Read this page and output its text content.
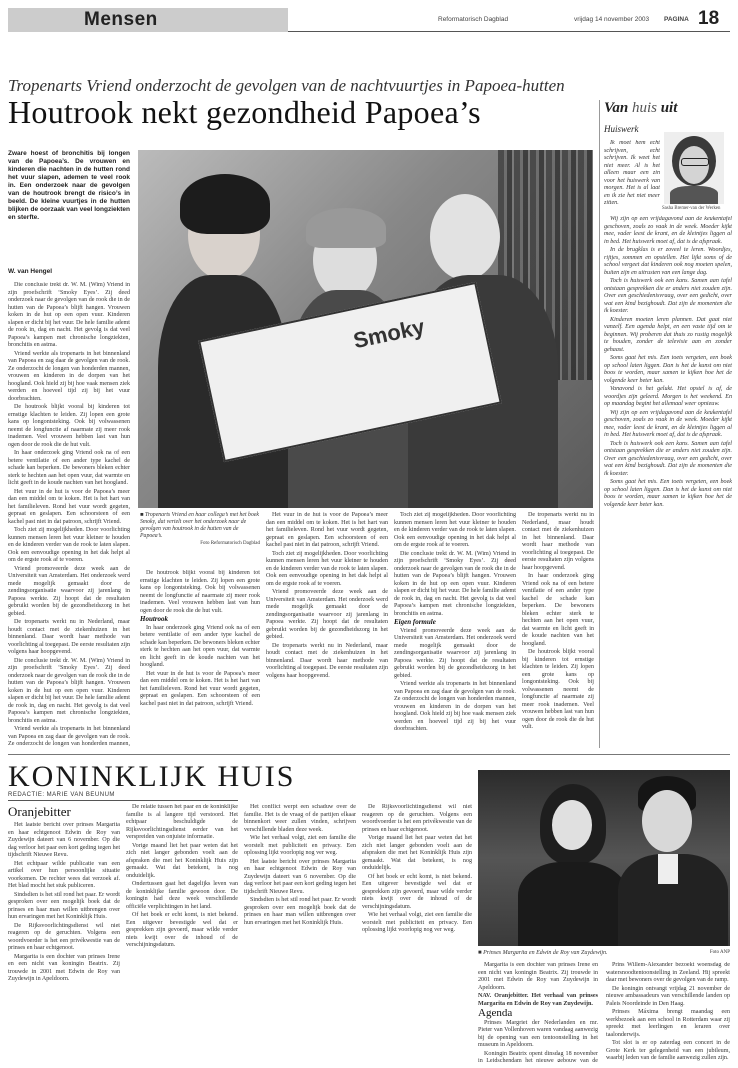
Mensen	Reformatorisch Dagblad	vrijdag 14 november 2003 PAGINA 18
Tropenarts Vriend onderzocht de gevolgen van de nachtvuurtjes in Papoea-hutten
Houtrook nekt gezondheid Papoea’s
Zware hoest of bronchitis bij longen van de Papoea’s. De vrouwen en kinderen die nachten in de hutten rond het vuur slapen, ademen te veel rook in. Een onderzoek naar de gevolgen van de houtrook brengt de risico’s in beeld. De kleine vuurtjes in de hutten blijken de oorzaak van veel longziekten en sterfte.
W. van Hengel

Die conclusie trekt dr. W. M. (Wim) Vriend in zijn proefschrift ‘Smoky Eyes’. Zij deed onderzoek naar de gevolgen van de rook die in de hutten van de Papoea’s blijft hangen. Vrouwen koken in de hut op een open vuur. Kinderen slapen er dicht bij het vuur. De hele familie ademt de rook in, dag en nacht. Het gevolg is dat veel Papoea’s kampen met chronische longziekten, bronchitis en astma.

Vriend werkte als tropenarts in het binnenland van Papoea en zag daar de gevolgen van de rook. Ze onderzocht de longen van honderden mannen, vrouwen en kinderen in de dorpen van het hoogland. Ook hield zij bij hoe vaak mensen ziek werden en hoeveel tijd zij bij het vuur doorbrachten.

De houtrook blijkt vooral bij kinderen tot ernstige klachten te leiden. Zij lopen een grote kans op longontsteking. Ook bij volwassenen neemt de longfunctie af naarmate zij meer rook inademen. Veel vrouwen hebben last van hun ogen door de rook die de hut vult.

In haar onderzoek ging Vriend ook na of een betere ventilatie of een ander type kachel de schade kan beperken. De bewoners bleken echter sterk te hechten aan het open vuur, dat warmte en licht geeft in de koude nachten van het hoogland.

Het vuur in de hut is voor de Papoea’s meer dan een middel om te koken. Het is het hart van het familieleven. Rond het vuur wordt gegeten, gepraat en geslapen. Een schoorsteen of een kachel past niet in dat patroon, schrijft Vriend.

Toch ziet zij mogelijkheden. Door voorlichting kunnen mensen leren het vuur kleiner te houden en de kinderen verder van de rook te laten slapen. Ook een eenvoudige opening in het dak helpt al om de ergste rook af te voeren.

Vriend promoveerde deze week aan de Universiteit van Amsterdam. Het onderzoek werd mede mogelijk gemaakt door de zendingsorganisatie waarvoor zij jarenlang in Papoea werkte. Zij hoopt dat de resultaten gebruikt worden bij de gezondheidszorg in het gebied.

De tropenarts werkt nu in Nederland, maar houdt contact met de ziekenhuizen in het binnenland. Daar wordt haar methode van voorlichting al toegepast. De eerste resultaten zijn volgens haar hoopgevend.

Die conclusie trekt dr. W. M. (Wim) Vriend in zijn proefschrift ‘Smoky Eyes’. Zij deed onderzoek naar de gevolgen van de rook die in de hutten van de Papoea’s blijft hangen. Vrouwen koken in de hut op een open vuur. Kinderen slapen er dicht bij het vuur. De hele familie ademt de rook in, dag en nacht. Het gevolg is dat veel Papoea’s kampen met chronische longziekten, bronchitis en astma.

Vriend werkte als tropenarts in het binnenland van Papoea en zag daar de gevolgen van de rook. Ze onderzocht de longen van honderden mannen,

Smoky
■ Tropenarts Vriend en haar collega’s met het boek Smoky, dat vertelt over het onderzoek naar de gevolgen van houtrook in de hutten van de Papoea’s.
Foto Reformatorisch Dagblad

De houtrook blijkt vooral bij kinderen tot ernstige klachten te leiden. Zij lopen een grote kans op longontsteking. Ook bij volwassenen neemt de longfunctie af naarmate zij meer rook inademen. Veel vrouwen hebben last van hun ogen door de rook die de hut vult.

Houtrook

In haar onderzoek ging Vriend ook na of een betere ventilatie of een ander type kachel de schade kan beperken. De bewoners bleken echter sterk te hechten aan het open vuur, dat warmte en licht geeft in de koude nachten van het hoogland.

Het vuur in de hut is voor de Papoea’s meer dan een middel om te koken. Het is het hart van het familieleven. Rond het vuur wordt gegeten, gepraat en geslapen. Een schoorsteen of een kachel past niet in dat patroon, schrijft Vriend.

Het vuur in de hut is voor de Papoea’s meer dan een middel om te koken. Het is het hart van het familieleven. Rond het vuur wordt gegeten, gepraat en geslapen. Een schoorsteen of een kachel past niet in dat patroon, schrijft Vriend.

Toch ziet zij mogelijkheden. Door voorlichting kunnen mensen leren het vuur kleiner te houden en de kinderen verder van de rook te laten slapen. Ook een eenvoudige opening in het dak helpt al om de ergste rook af te voeren.

Vriend promoveerde deze week aan de Universiteit van Amsterdam. Het onderzoek werd mede mogelijk gemaakt door de zendingsorganisatie waarvoor zij jarenlang in Papoea werkte. Zij hoopt dat de resultaten gebruikt worden bij de gezondheidszorg in het gebied.

De tropenarts werkt nu in Nederland, maar houdt contact met de ziekenhuizen in het binnenland. Daar wordt haar methode van voorlichting al toegepast. De eerste resultaten zijn volgens haar hoopgevend.

Toch ziet zij mogelijkheden. Door voorlichting kunnen mensen leren het vuur kleiner te houden en de kinderen verder van de rook te laten slapen. Ook een eenvoudige opening in het dak helpt al om de ergste rook af te voeren.

Die conclusie trekt dr. W. M. (Wim) Vriend in zijn proefschrift ‘Smoky Eyes’. Zij deed onderzoek naar de gevolgen van de rook die in de hutten van de Papoea’s blijft hangen. Vrouwen koken in de hut op een open vuur. Kinderen slapen er dicht bij het vuur. De hele familie ademt de rook in, dag en nacht. Het gevolg is dat veel Papoea’s kampen met chronische longziekten, bronchitis en astma.

Eigen formule

Vriend promoveerde deze week aan de Universiteit van Amsterdam. Het onderzoek werd mede mogelijk gemaakt door de zendingsorganisatie waarvoor zij jarenlang in Papoea werkte. Zij hoopt dat de resultaten gebruikt worden bij de gezondheidszorg in het gebied.

Vriend werkte als tropenarts in het binnenland van Papoea en zag daar de gevolgen van de rook. Ze onderzocht de longen van honderden mannen, vrouwen en kinderen in de dorpen van het hoogland. Ook hield zij bij hoe vaak mensen ziek werden en hoeveel tijd zij bij het vuur doorbrachten.

De tropenarts werkt nu in Nederland, maar houdt contact met de ziekenhuizen in het binnenland. Daar wordt haar methode van voorlichting al toegepast. De eerste resultaten zijn volgens haar hoopgevend.

In haar onderzoek ging Vriend ook na of een betere ventilatie of een ander type kachel de schade kan beperken. De bewoners bleken echter sterk te hechten aan het open vuur, dat warmte en licht geeft in de koude nachten van het hoogland.

De houtrook blijkt vooral bij kinderen tot ernstige klachten te leiden. Zij lopen een grote kans op longontsteking. Ook bij volwassenen neemt de longfunctie af naarmate zij meer rook inademen. Veel vrouwen hebben last van hun ogen door de rook die de hut vult.

Van huis uit
Huiswerk
Sasha Bremer-van der Werken

Ik moet hem echt schrijven, echt schrijven. Ik weet het niet meer. Al is het alleen maar een zin voor het huiswerk van morgen. Het is al laat en ik zie het niet meer zitten.

Wij zijn op een vrijdagavond aan de keukentafel geschoven, zoals zo vaak in de week. Moeder kijkt mee, vader leest de krant, en de kleintjes liggen al in bed. Het huiswerk moet af, dat is de afspraak.

In de brugklas is er zoveel te leren. Woordjes, rijtjes, sommen en opstellen. Het lijkt soms of de school vergeet dat kinderen ook nog moeten spelen, buiten zijn en uitrusten van een lange dag.

Toch is huiswerk ook een kans. Samen aan tafel ontstaan gesprekken die er anders niet zouden zijn. Over een geschiedenisvraag, over een gedicht, over wat een kind bezighoudt. Dat zijn de momenten die ik koester.

Kinderen moeten leren plannen. Dat gaat niet vanzelf. Een agenda helpt, en een vaste tijd om te beginnen. Wij proberen dat thuis zo rustig mogelijk te houden, zonder de televisie aan en zonder gehaast.

Soms gaat het mis. Een toets vergeten, een boek op school laten liggen. Dan is het de kunst om niet boos te worden, maar samen te kijken hoe het de volgende keer beter kan.

Vanavond is het gelukt. Het opstel is af, de woordjes zijn geleerd. Morgen is het weekend. En op maandag begint het allemaal weer opnieuw.

Wij zijn op een vrijdagavond aan de keukentafel geschoven, zoals zo vaak in de week. Moeder kijkt mee, vader leest de krant, en de kleintjes liggen al in bed. Het huiswerk moet af, dat is de afspraak.

Toch is huiswerk ook een kans. Samen aan tafel ontstaan gesprekken die er anders niet zouden zijn. Over een geschiedenisvraag, over een gedicht, over wat een kind bezighoudt. Dat zijn de momenten die ik koester.

Soms gaat het mis. Een toets vergeten, een boek op school laten liggen. Dan is het de kunst om niet boos te worden, maar samen te kijken hoe het de volgende keer beter kan.

KONINKLIJK HUIS
REDACTIE: MARIE VAN BEUNUM
Oranjebitter

Het laatste bericht over prinses Margarita en haar echtgenoot Edwin de Roy van Zuydewijn dateert van 6 november. Op die dag verloor het paar een kort geding tegen het tijdschrift Nieuwe Revu.

Het echtpaar wilde publicatie van een artikel over hun persoonlijke situatie voorkomen. De rechter wees dat verzoek af. Het blad mocht het stuk publiceren.

Sindsdien is het stil rond het paar. Er wordt gesproken over een mogelijk boek dat de prinses en haar man willen uitbrengen over hun ervaringen met het Koninklijk Huis.

De Rijksvoorlichtingsdienst wil niet reageren op de geruchten. Volgens een woordvoerder is het een privékwestie van de prinses en haar echtgenoot.

Margarita is een dochter van prinses Irene en een nicht van koningin Beatrix. Zij trouwde in 2001 met Edwin de Roy van Zuydewijn in Apeldoorn.

De relatie tussen het paar en de koninklijke familie is al langere tijd verstoord. Het echtpaar beschuldigde de Rijksvoorlichtingsdienst eerder van het verspreiden van onjuiste informatie.

Vorige maand liet het paar weten dat het zich niet langer gebonden voelt aan de afspraken die met het Koninklijk Huis zijn gemaakt. Wat dat betekent, is nog onduidelijk.

Ondertussen gaat het dagelijks leven van de koninklijke familie gewoon door. De koningin had deze week verschillende officiële verplichtingen in het land.

Of het boek er echt komt, is niet bekend. Een uitgever bevestigde wel dat er gesprekken zijn gevoerd, maar wilde verder niets kwijt over de inhoud of de verschijningsdatum.

Het conflict werpt een schaduw over de familie. Het is de vraag of de partijen elkaar binnenkort weer zullen vinden, schrijven verschillende bladen deze week.

Wie het verhaal volgt, ziet een familie die worstelt met publiciteit en privacy. Een oplossing lijkt voorlopig nog ver weg.

Het laatste bericht over prinses Margarita en haar echtgenoot Edwin de Roy van Zuydewijn dateert van 6 november. Op die dag verloor het paar een kort geding tegen het tijdschrift Nieuwe Revu.

Sindsdien is het stil rond het paar. Er wordt gesproken over een mogelijk boek dat de prinses en haar man willen uitbrengen over hun ervaringen met het Koninklijk Huis.

De Rijksvoorlichtingsdienst wil niet reageren op de geruchten. Volgens een woordvoerder is het een privékwestie van de prinses en haar echtgenoot.

Vorige maand liet het paar weten dat het zich niet langer gebonden voelt aan de afspraken die met het Koninklijk Huis zijn gemaakt. Wat dat betekent, is nog onduidelijk.

Of het boek er echt komt, is niet bekend. Een uitgever bevestigde wel dat er gesprekken zijn gevoerd, maar wilde verder niets kwijt over de inhoud of de verschijningsdatum.

Wie het verhaal volgt, ziet een familie die worstelt met publiciteit en privacy. Een oplossing lijkt voorlopig nog ver weg.

■ Prinses Margarita en Edwin de Roy van Zuydewijn.	Foto ANP

Margarita is een dochter van prinses Irene en een nicht van koningin Beatrix. Zij trouwde in 2001 met Edwin de Roy van Zuydewijn in Apeldoorn.

NAV. Oranjebitter. Het verhaal van prinses Margarita en Edwin de Roy van Zuydewijn.

Agenda

Prinses Margriet der Nederlanden en mr. Pieter van Vollenhoven waren vandaag aanwezig bij de opening van een tentoonstelling in het museum in Apeldoorn.

Koningin Beatrix opent dinsdag 18 november in Leidschendam het nieuwe gebouw van de

Prins Willem-Alexander bezoekt woensdag de watersnoodtentoonstelling in Zeeland. Hij spreekt daar met bewoners over de gevolgen van de ramp.

De koningin ontvangt vrijdag 21 november de nieuwe ambassadeurs van verschillende landen op Paleis Noordeinde in Den Haag.

Prinses Máxima brengt maandag een werkbezoek aan een school in Rotterdam waar zij spreekt met leerlingen en leraren over taalonderwijs.

Tot slot is er op zaterdag een concert in de Grote Kerk ter gelegenheid van een jubileum, waarbij leden van de familie aanwezig zullen zijn.
